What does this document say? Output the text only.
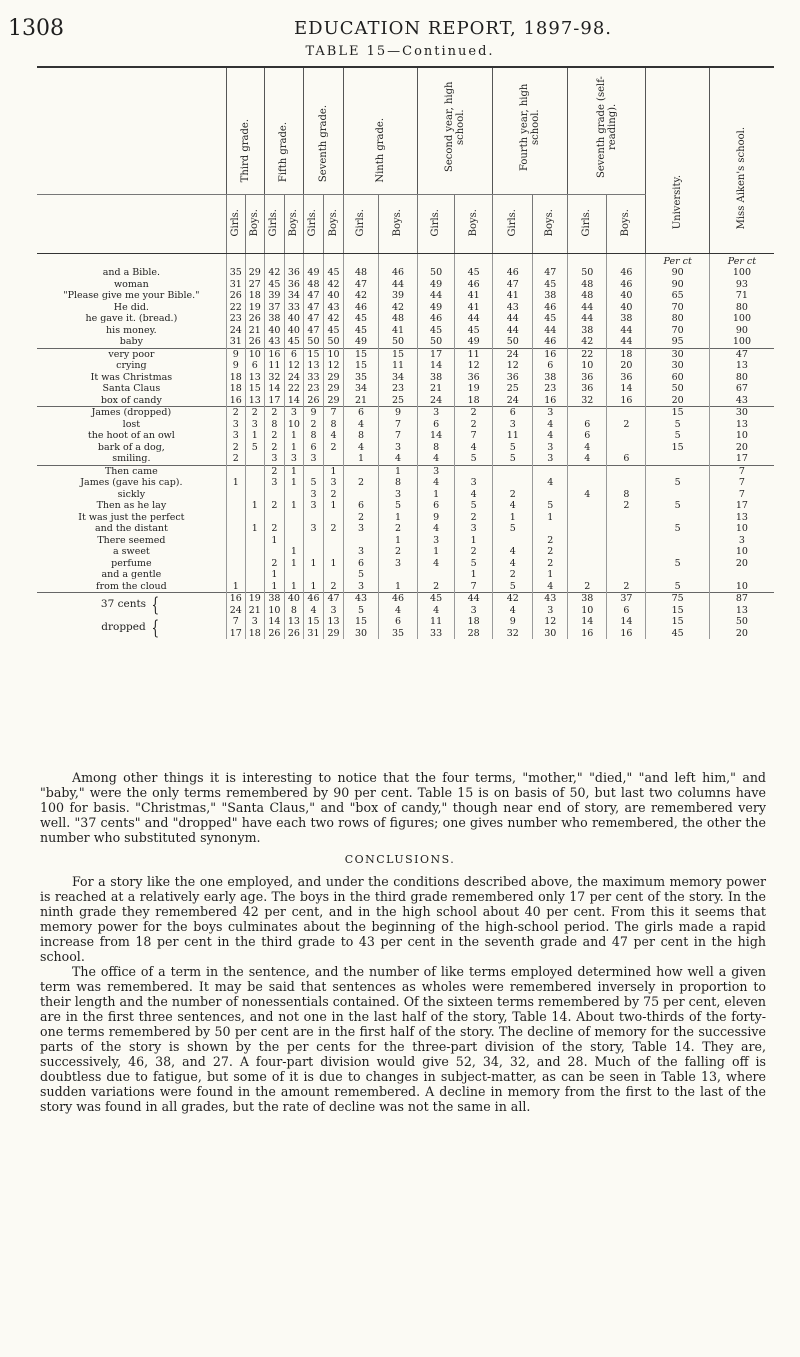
1308	EDUCATION REPORT, 1897-98.
TABLE 15—Continued.
	Third grade.		Fifth grade.		Seventh grade.		Ninth grade.		Second year, high school.		Fourth year, high school.		Seventh grade (self-reading).		University.	Miss Aiken's school.
	Girls.	Boys.	Girls.	Boys.	Girls.	Boys.	Girls.	Boys.	Girls.	Boys.	Girls.	Boys.	Girls.	Boys.		
															Per ct	Per ct
and a Bible.	35	29	42	36	49	45	48	46	50	45	46	47	50	46	90	100
woman	31	27	45	36	48	42	47	44	49	46	47	45	48	46	90	93
"Please give me your Bible."	26	18	39	34	47	40	42	39	44	41	41	38	48	40	65	71
He did.	22	19	37	33	47	43	46	42	49	41	43	46	44	40	70	80
he gave it. (bread.)	23	26	38	40	47	42	45	48	46	44	44	45	44	38	80	100
his money.	24	21	40	40	47	45	45	41	45	45	44	44	38	44	70	90
baby	31	26	43	45	50	50	49	50	50	49	50	46	42	44	95	100
very poor	9	10	16	6	15	10	15	15	17	11	24	16	22	18	30	47
crying	9	6	11	12	13	12	15	11	14	12	12	6	10	20	30	13
It was Christmas	18	13	32	24	33	29	35	34	38	36	36	38	36	36	60	80
Santa Claus	18	15	14	22	23	29	34	23	21	19	25	23	36	14	50	67
box of candy	16	13	17	14	26	29	21	25	24	18	24	16	32	16	20	43
James (dropped)	2	2	2	3	9	7	6	9	3	2	6	3			15	30
lost	3	3	8	10	2	8	4	7	6	2	3	4	6	2	5	13
the hoot of an owl	3	1	2	1	8	4	8	7	14	7	11	4	6		5	10
bark of a dog,	2	5	2	1	6	2	4	3	8	4	5	3	4		15	20
smiling.	2		3	3	3		1	4	4	5	5	3	4	6		17
Then came			2	1		1		1	3							7
James (gave his cap).	1		3	1	5	3	2	8	4	3		4			5	7
sickly					3	2		3	1	4	2		4	8		7
Then as he lay		1	2	1	3	1	6	5	6	5	4	5		2	5	17
It was just the perfect							2	1	9	2	1	1				13
and the distant		1	2		3	2	3	2	4	3	5				5	10
There seemed			1					1	3	1		2				3
a sweet				1			3	2	1	2	4	2				10
perfume			2	1	1	1	6	3	4	5	4	2			5	20
and a gentle			1				5			1	2	1				
from the cloud	1		1	1	1	2	3	1	2	7	5	4	2	2	5	10
37 cents {	16	19	38	40	46	47	43	46	45	44	42	43	38	37	75	87
	24	21	10	8	4	3	5	4	4	3	4	3	10	6	15	13
dropped {	7	3	14	13	15	13	15	6	11	18	9	12	14	14	15	50
	17	18	26	26	31	29	30	35	33	28	32	30	16	16	45	20

Among other things it is interesting to notice that the four terms, "mother," "died," "and left him," and "baby," were the only terms remembered by 90 per cent. Table 15 is on basis of 50, but last two columns have 100 for basis. "Christmas," "Santa Claus," and "box of candy," though near end of story, are remembered very well. "37 cents" and "dropped" have each two rows of figures; one gives number who remembered, the other the number who substituted synonym.

CONCLUSIONS.

For a story like the one employed, and under the conditions described above, the maximum memory power is reached at a relatively early age. The boys in the third grade remembered only 17 per cent of the story. In the ninth grade they remembered 42 per cent, and in the high school about 40 per cent. From this it seems that memory power for the boys culminates about the beginning of the high-school period. The girls made a rapid increase from 18 per cent in the third grade to 43 per cent in the seventh grade and 47 per cent in the high school.

The office of a term in the sentence, and the number of like terms employed determined how well a given term was remembered. It may be said that sentences as wholes were remembered inversely in proportion to their length and the number of nonessentials contained. Of the sixteen terms remembered by 75 per cent, eleven are in the first three sentences, and not one in the last half of the story, Table 14. About two-thirds of the forty-one terms remembered by 50 per cent are in the first half of the story. The decline of memory for the successive parts of the story is shown by the per cents for the three-part division of the story, Table 14. They are, successively, 46, 38, and 27. A four-part division would give 52, 34, 32, and 28. Much of the falling off is doubtless due to fatigue, but some of it is due to changes in subject-matter, as can be seen in Table 13, where sudden variations were found in the amount remembered. A decline in memory from the first to the last of the story was found in all grades, but the rate of decline was not the same in all.
